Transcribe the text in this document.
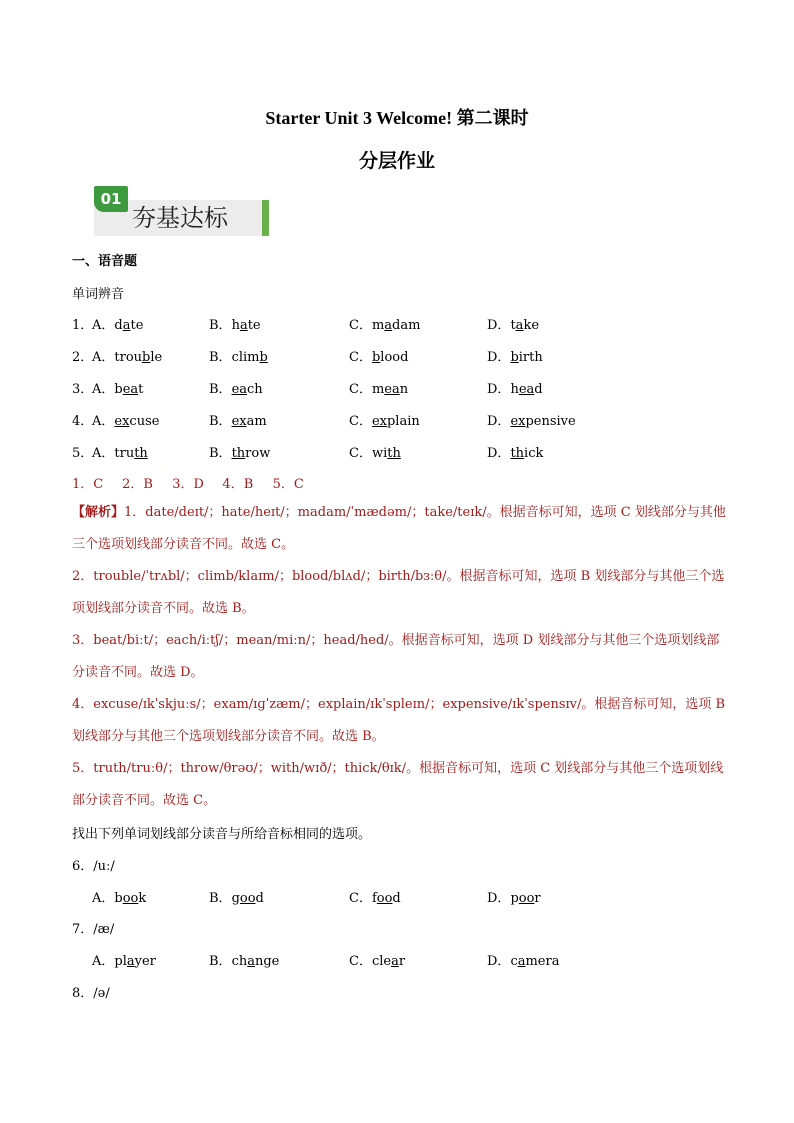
Starter Unit 3 Welcome! 第二课时
分层作业
01
夯基达标
一、语音题
单词辨音
1．
A．date	B．hate	C．madam	D．take
2．
A．trouble	B．climb	C．blood	D．birth
3．
A．beat	B．each	C．mean	D．head
4．
A．excuse	B．exam	C．explain	D．expensive
5．
A．truth	B．throw	C．with	D．thick
1．C 2．B 3．D 4．B 5．C

【解析】1．date/deɪt/；hate/heɪt/；madam/ˈmædəm/；take/teɪk/。根据音标可知，选项 C 划线部分与其他三个选项划线部分读音不同。故选 C。

2．trouble/ˈtrʌbl/；climb/klaɪm/；blood/blʌd/；birth/bɜːθ/。根据音标可知，选项 B 划线部分与其他三个选项划线部分读音不同。故选 B。

3．beat/biːt/；each/iːtʃ/；mean/miːn/；head/hed/。根据音标可知，选项 D 划线部分与其他三个选项划线部分读音不同。故选 D。

4．excuse/ɪkˈskjuːs/；exam/ɪɡˈzæm/；explain/ɪkˈspleɪn/；expensive/ɪkˈspensɪv/。根据音标可知，选项 B 划线部分与其他三个选项划线部分读音不同。故选 B。

5．truth/truːθ/；throw/θrəʊ/；with/wɪð/；thick/θɪk/。根据音标可知，选项 C 划线部分与其他三个选项划线部分读音不同。故选 C。

找出下列单词划线部分读音与所给音标相同的选项。
6．/uː/
A．book	B．good	C．food	D．poor
7．/æ/
A．player	B．change	C．clear	D．camera
8．/ə/
